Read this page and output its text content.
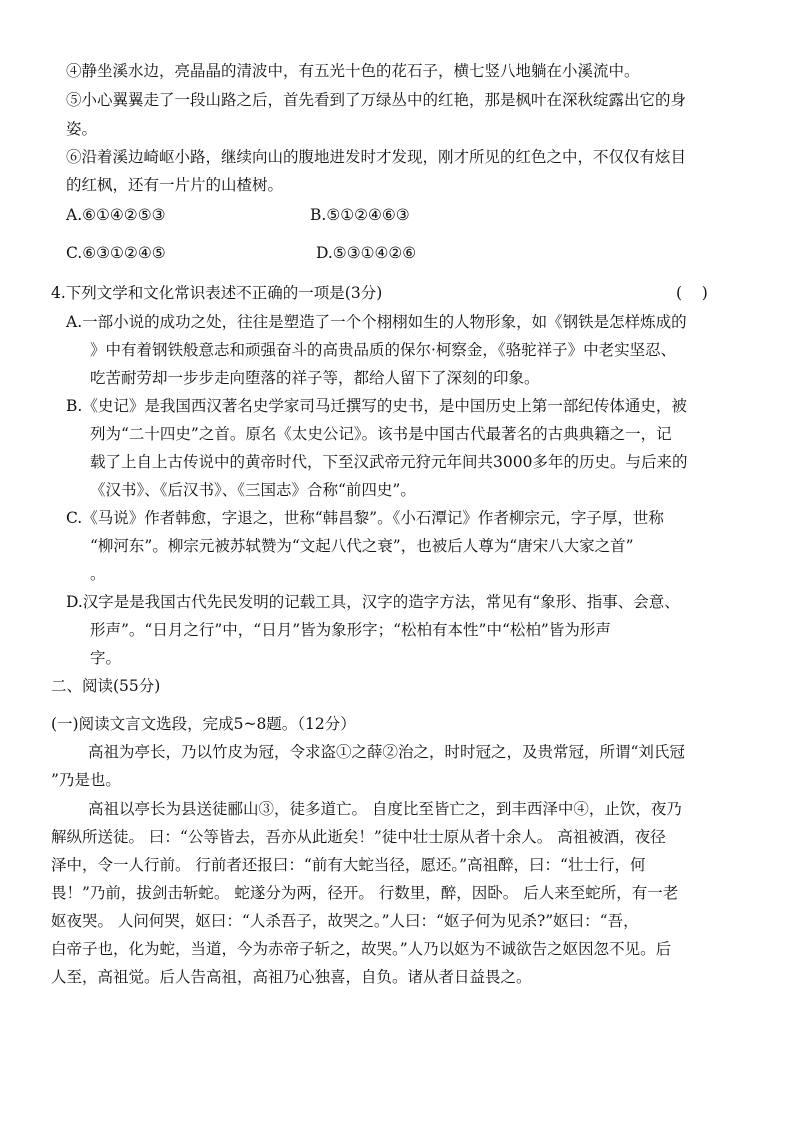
④静坐溪水边，亮晶晶的清波中，有五光十色的花石子，横七竖八地躺在小溪流中。
⑤小心翼翼走了一段山路之后，首先看到了万绿丛中的红艳，那是枫叶在深秋绽露出它的身
姿。
⑥沿着溪边崎岖小路，继续向山的腹地进发时才发现，刚才所见的红色之中，不仅仅有炫目
的红枫，还有一片片的山楂树。
A.⑥①④②⑤③	B.⑤①②④⑥③
C.⑥③①②④⑤	D.⑤③①④②⑥
4.下列文学和文化常识表述不正确的一项是(3分)	(    )
A.一部小说的成功之处，往往是塑造了一个个栩栩如生的人物形象，如《钢铁是怎样炼成的
》中有着钢铁般意志和顽强奋斗的高贵品质的保尔·柯察金，《骆驼祥子》中老实坚忍、
吃苦耐劳却一步步走向堕落的祥子等，都给人留下了深刻的印象。
B.《史记》是我国西汉著名史学家司马迁撰写的史书，是中国历史上第一部纪传体通史，被
列为“二十四史”之首。原名《太史公记》。该书是中国古代最著名的古典典籍之一，记
载了上自上古传说中的黄帝时代，下至汉武帝元狩元年间共3000多年的历史。与后来的
《汉书》、《后汉书》、《三国志》合称“前四史”。
C.《马说》作者韩愈，字退之，世称“韩昌黎”。《小石潭记》作者柳宗元，字子厚，世称
“柳河东”。柳宗元被苏轼赞为“文起八代之衰”，也被后人尊为“唐宋八大家之首”
。
D.汉字是是我国古代先民发明的记载工具，汉字的造字方法，常见有“象形、指事、会意、
形声”。“日月之行”中，“日月”皆为象形字；“松柏有本性”中“松柏”皆为形声
字。
二、阅读(55分)
(一)阅读文言文选段，完成5~8题。（12分）
高祖为亭长，乃以竹皮为冠，令求盗①之薛②治之，时时冠之，及贵常冠，所谓“刘氏冠
”乃是也。
高祖以亭长为县送徒郦山③，徒多道亡。 自度比至皆亡之，到丰西泽中④，止饮，夜乃
解纵所送徒。 曰：“公等皆去，吾亦从此逝矣！”徒中壮士原从者十余人。 高祖被酒，夜径
泽中，令一人行前。 行前者还报曰：“前有大蛇当径，愿还。”高祖醉，曰：“壮士行，何
畏！”乃前，拔剑击斩蛇。 蛇遂分为两，径开。 行数里，醉，因卧。 后人来至蛇所，有一老
妪夜哭。 人问何哭，妪曰：“人杀吾子，故哭之。”人曰：“妪子何为见杀?”妪曰：“吾，
白帝子也，化为蛇，当道，今为赤帝子斩之，故哭。”人乃以妪为不诚欲告之妪因忽不见。后
人至，高祖觉。后人告高祖，高祖乃心独喜，自负。诸从者日益畏之。
